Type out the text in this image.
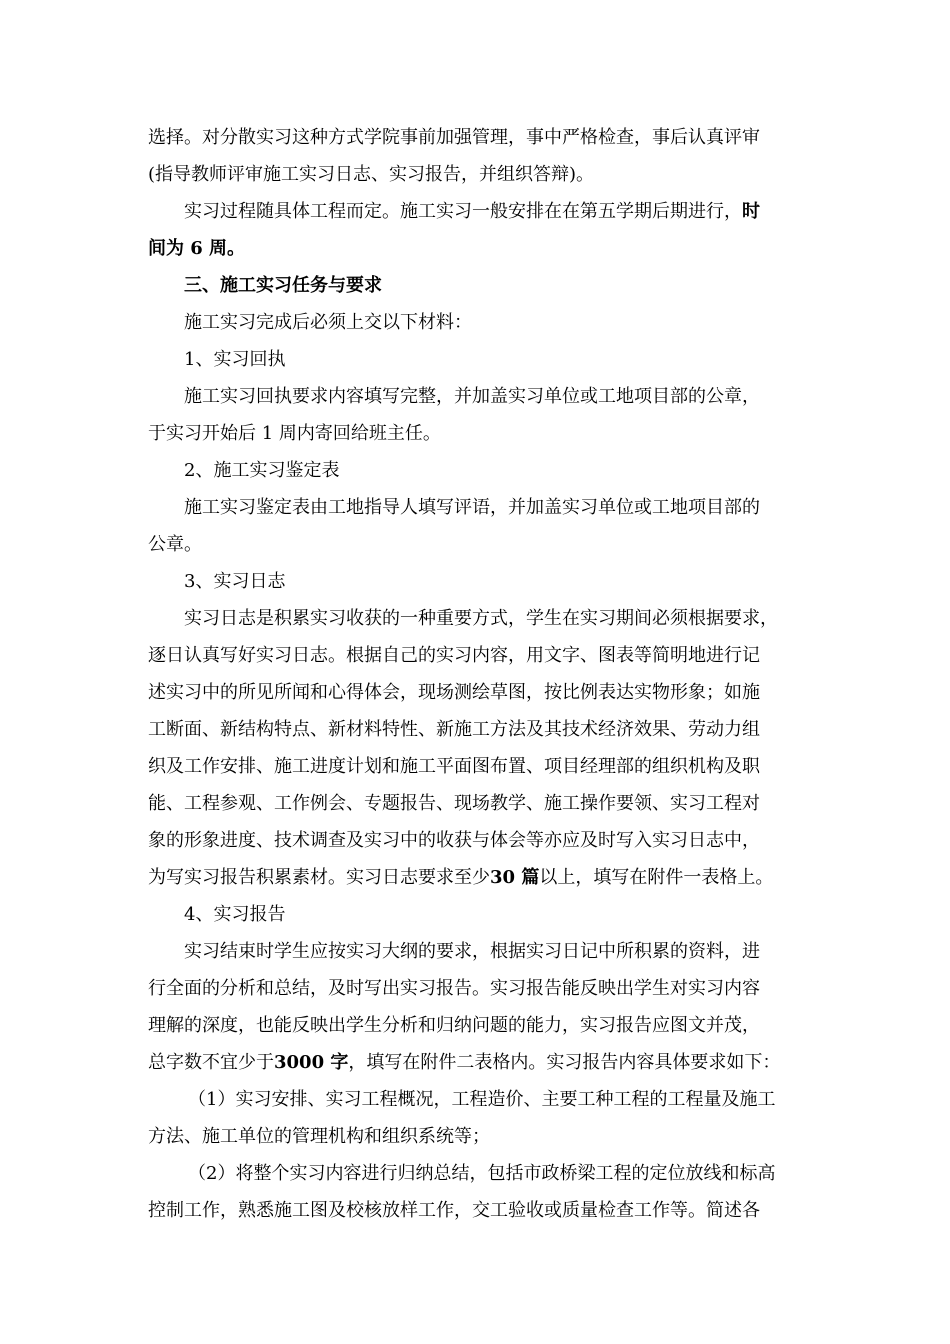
选择。对分散实习这种方式学院事前加强管理，事中严格检查，事后认真评审
(指导教师评审施工实习日志、实习报告，并组织答辩)。
实习过程随具体工程而定。施工实习一般安排在在第五学期后期进行，时
间为 6 周。
三、施工实习任务与要求
施工实习完成后必须上交以下材料：
1、实习回执
施工实习回执要求内容填写完整，并加盖实习单位或工地项目部的公章，
于实习开始后 1 周内寄回给班主任。
2、施工实习鉴定表
施工实习鉴定表由工地指导人填写评语，并加盖实习单位或工地项目部的
公章。
3、实习日志
实习日志是积累实习收获的一种重要方式，学生在实习期间必须根据要求，
逐日认真写好实习日志。根据自己的实习内容，用文字、图表等简明地进行记
述实习中的所见所闻和心得体会，现场测绘草图，按比例表达实物形象；如施
工断面、新结构特点、新材料特性、新施工方法及其技术经济效果、劳动力组
织及工作安排、施工进度计划和施工平面图布置、项目经理部的组织机构及职
能、工程参观、工作例会、专题报告、现场教学、施工操作要领、实习工程对
象的形象进度、技术调查及实习中的收获与体会等亦应及时写入实习日志中，
为写实习报告积累素材。实习日志要求至少30 篇以上，填写在附件一表格上。
4、实习报告
实习结束时学生应按实习大纲的要求，根据实习日记中所积累的资料，进
行全面的分析和总结，及时写出实习报告。实习报告能反映出学生对实习内容
理解的深度，也能反映出学生分析和归纳问题的能力，实习报告应图文并茂，
总字数不宜少于3000 字，填写在附件二表格内。实习报告内容具体要求如下：
（1）实习安排、实习工程概况，工程造价、主要工种工程的工程量及施工
方法、施工单位的管理机构和组织系统等；
（2）将整个实习内容进行归纳总结，包括市政桥梁工程的定位放线和标高
控制工作，熟悉施工图及校核放样工作，交工验收或质量检查工作等。简述各
